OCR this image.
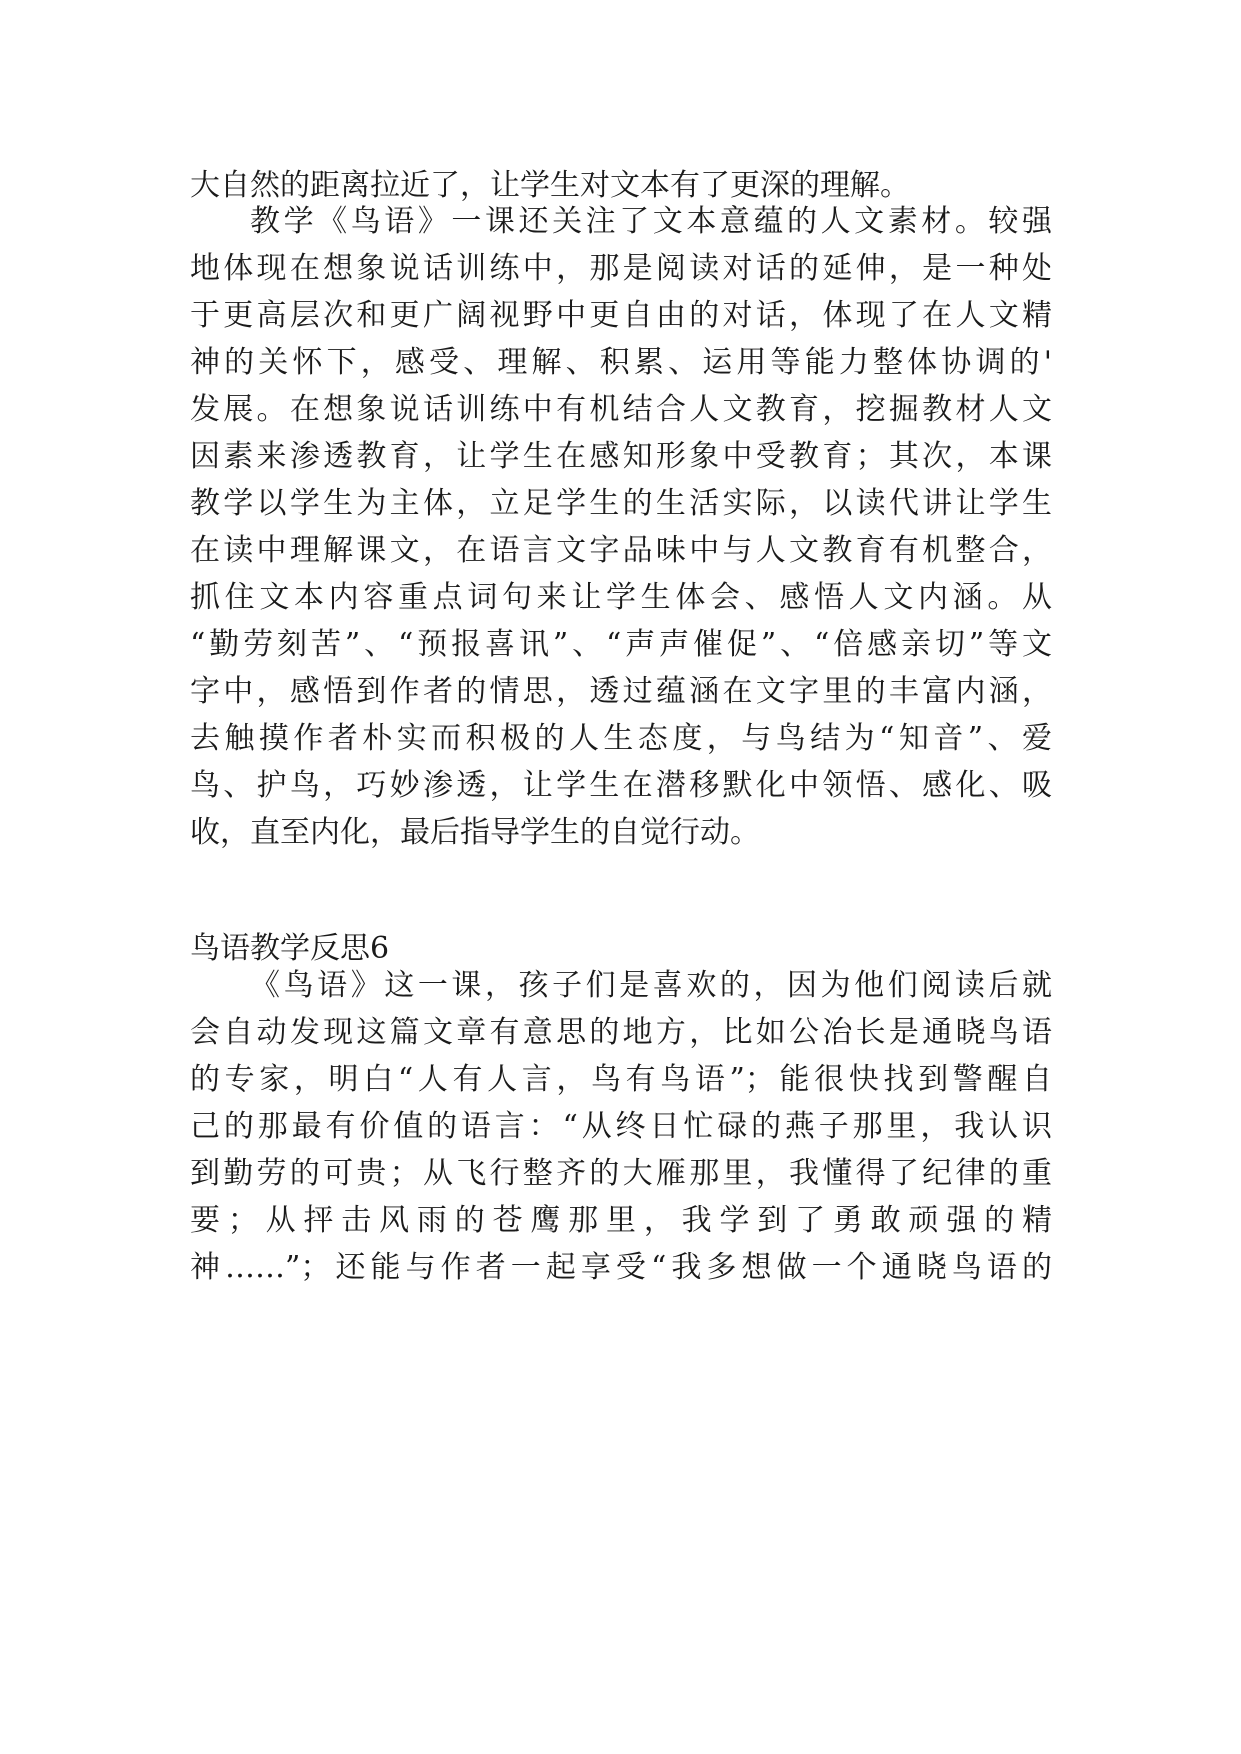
大自然的距离拉近了，让学生对文本有了更深的理解。
教学《鸟语》一课还关注了文本意蕴的人文素材。较强
地体现在想象说话训练中，那是阅读对话的延伸，是一种处
于更高层次和更广阔视野中更自由的对话，体现了在人文精
神的关怀下，感受、理解、积累、运用等能力整体协调的'
发展。在想象说话训练中有机结合人文教育，挖掘教材人文
因素来渗透教育，让学生在感知形象中受教育；其次，本课
教学以学生为主体，立足学生的生活实际，以读代讲让学生
在读中理解课文，在语言文字品味中与人文教育有机整合，
抓住文本内容重点词句来让学生体会、感悟人文内涵。从
“勤劳刻苦”、“预报喜讯”、“声声催促”、“倍感亲切”等文
字中，感悟到作者的情思，透过蕴涵在文字里的丰富内涵，
去触摸作者朴实而积极的人生态度，与鸟结为“知音”、爱
鸟、护鸟，巧妙渗透，让学生在潜移默化中领悟、感化、吸
收，直至内化，最后指导学生的自觉行动。
鸟语教学反思6
《鸟语》这一课，孩子们是喜欢的，因为他们阅读后就
会自动发现这篇文章有意思的地方，比如公冶长是通晓鸟语
的专家，明白“人有人言，鸟有鸟语”；能很快找到警醒自
己的那最有价值的语言：“从终日忙碌的燕子那里，我认识
到勤劳的可贵；从飞行整齐的大雁那里，我懂得了纪律的重
要；从抨击风雨的苍鹰那里，我学到了勇敢顽强的精
神……”；还能与作者一起享受“我多想做一个通晓鸟语的
